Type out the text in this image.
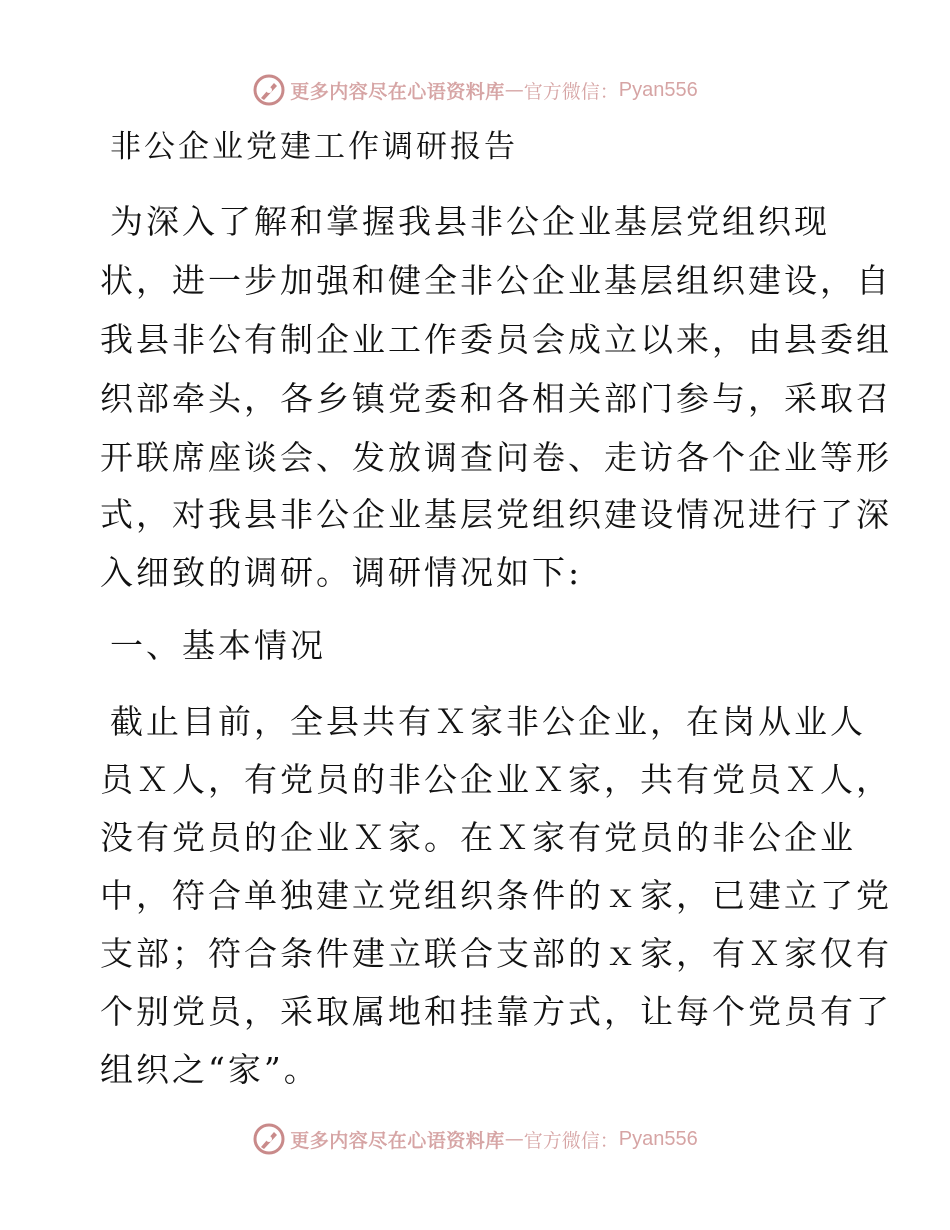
更多内容尽在心语资料库 — 官方微信： Pyan556
非公企业党建工作调研报告
为深入了解和掌握我县非公企业基层党组织现
状，进一步加强和健全非公企业基层组织建设，自
我县非公有制企业工作委员会成立以来，由县委组
织部牵头，各乡镇党委和各相关部门参与，采取召
开联席座谈会、发放调查问卷、走访各个企业等形
式，对我县非公企业基层党组织建设情况进行了深
入细致的调研。调研情况如下:
一、基本情况
截止目前，全县共有Ｘ家非公企业，在岗从业人
员Ｘ人，有党员的非公企业Ｘ家，共有党员Ｘ人，
没有党员的企业Ｘ家。在Ｘ家有党员的非公企业
中，符合单独建立党组织条件的ｘ家，已建立了党
支部；符合条件建立联合支部的ｘ家，有Ｘ家仅有
个别党员，采取属地和挂靠方式，让每个党员有了
组织之“家”。
更多内容尽在心语资料库 — 官方微信： Pyan556
